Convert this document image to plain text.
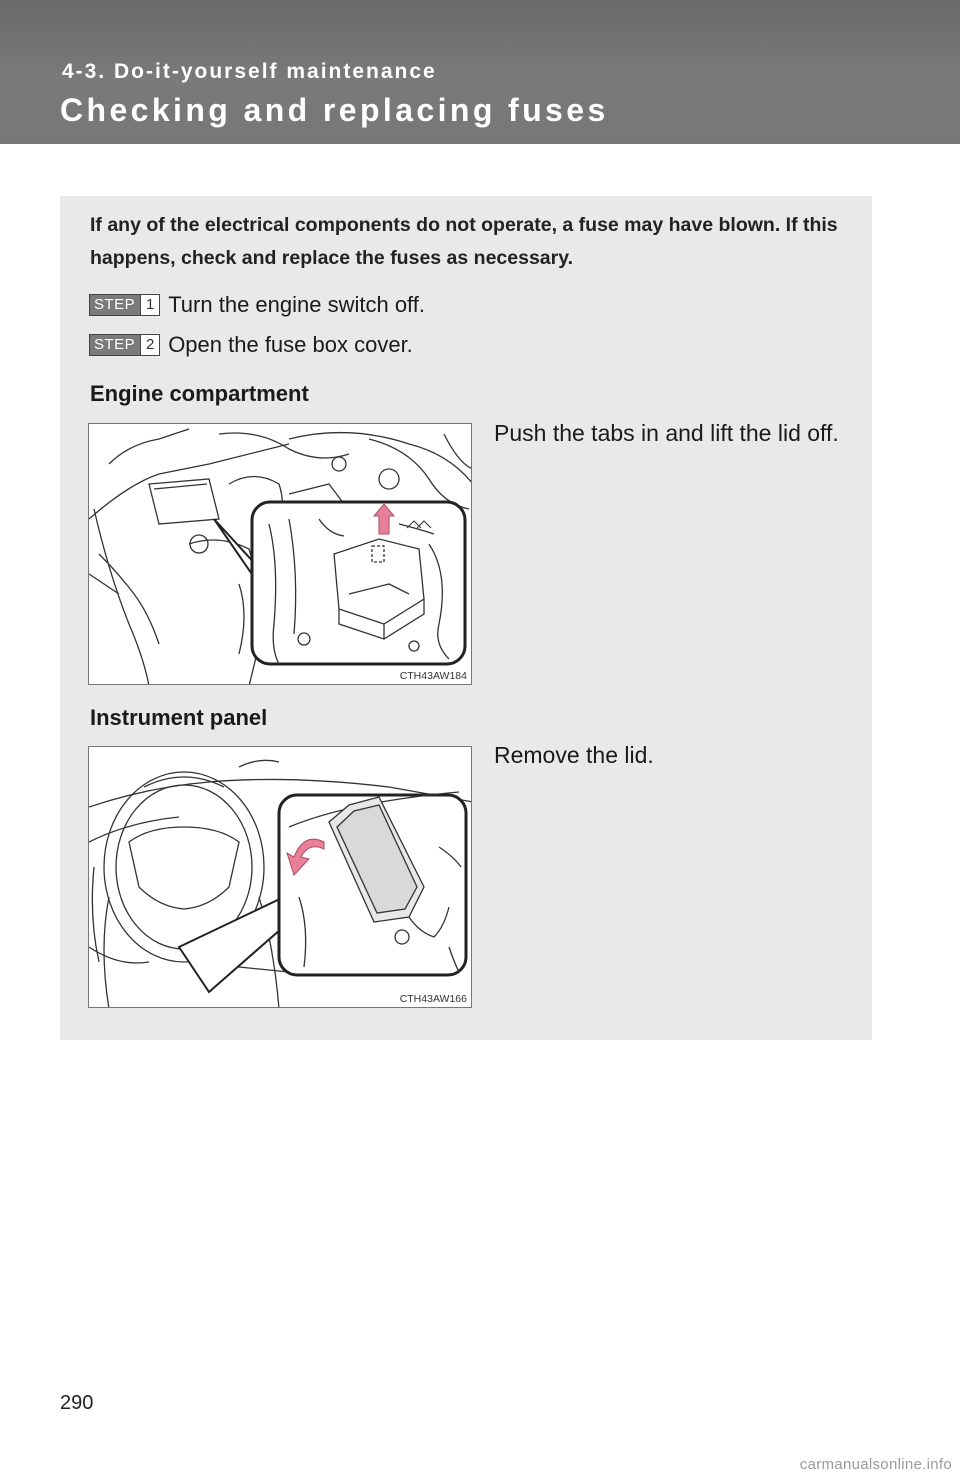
4-3. Do-it-yourself maintenance
Checking and replacing fuses
If any of the electrical components do not operate, a fuse may have blown. If this happens, check and replace the fuses as necessary.
STEP 1 Turn the engine switch off.
STEP 2 Open the fuse box cover.
Engine compartment
CTH43AW184
Push the tabs in and lift the lid off.
Instrument panel
CTH43AW166
Remove the lid.
290
carmanualsonline.info
